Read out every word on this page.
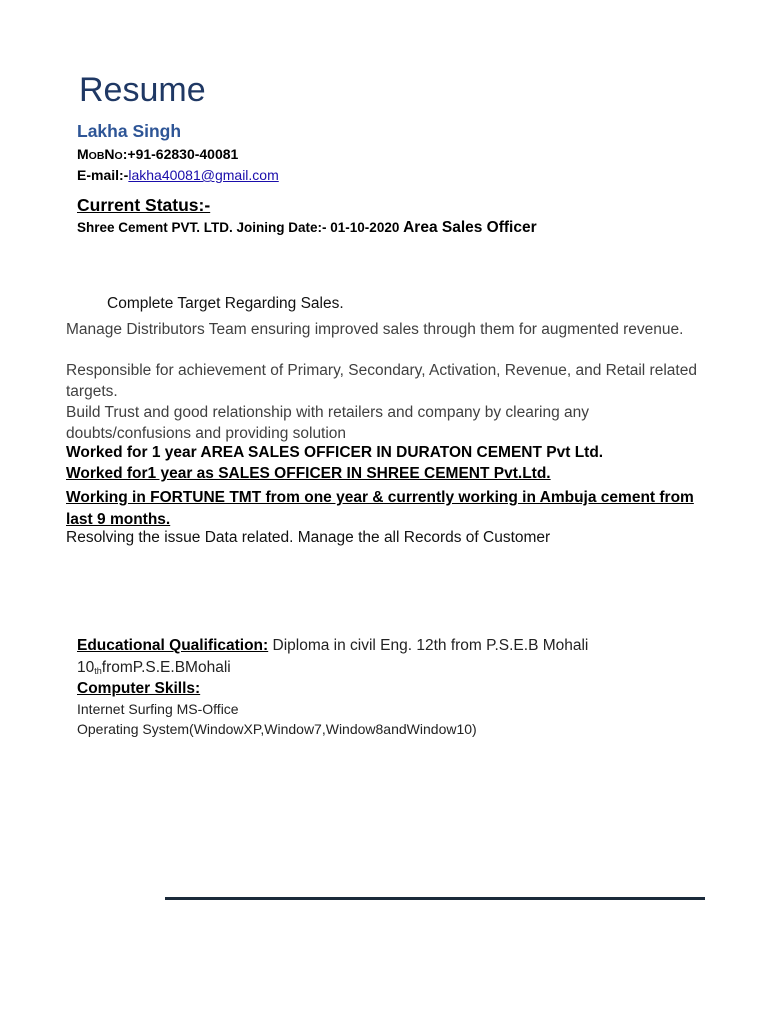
Resume
Lakha Singh
MOBNO:+91-62830-40081
E-mail:-lakha40081@gmail.com
Current Status:-
Shree Cement PVT. LTD. Joining Date:- 01-10-2020 Area Sales Officer
Complete Target Regarding Sales.
Manage Distributors Team ensuring improved sales through them for augmented revenue.
Responsible for achievement of Primary, Secondary, Activation, Revenue, and Retail related targets.
Build Trust and good relationship with retailers and company by clearing any doubts/confusions and providing solution
Worked for 1 year AREA SALES OFFICER IN DURATON CEMENT Pvt Ltd.
Worked for1 year as SALES OFFICER IN SHREE CEMENT Pvt.Ltd.
Working in FORTUNE TMT from one year & currently working in Ambuja cement from last 9 months.
Resolving the issue Data related. Manage the all Records of Customer
Educational Qualification: Diploma in civil Eng. 12th from P.S.E.B Mohali
$10_{th}fromP.S.E.BMohali$
Computer Skills:
Internet Surfing MS-Office
Operating System(WindowXP,Window7,Window8andWindow10)
